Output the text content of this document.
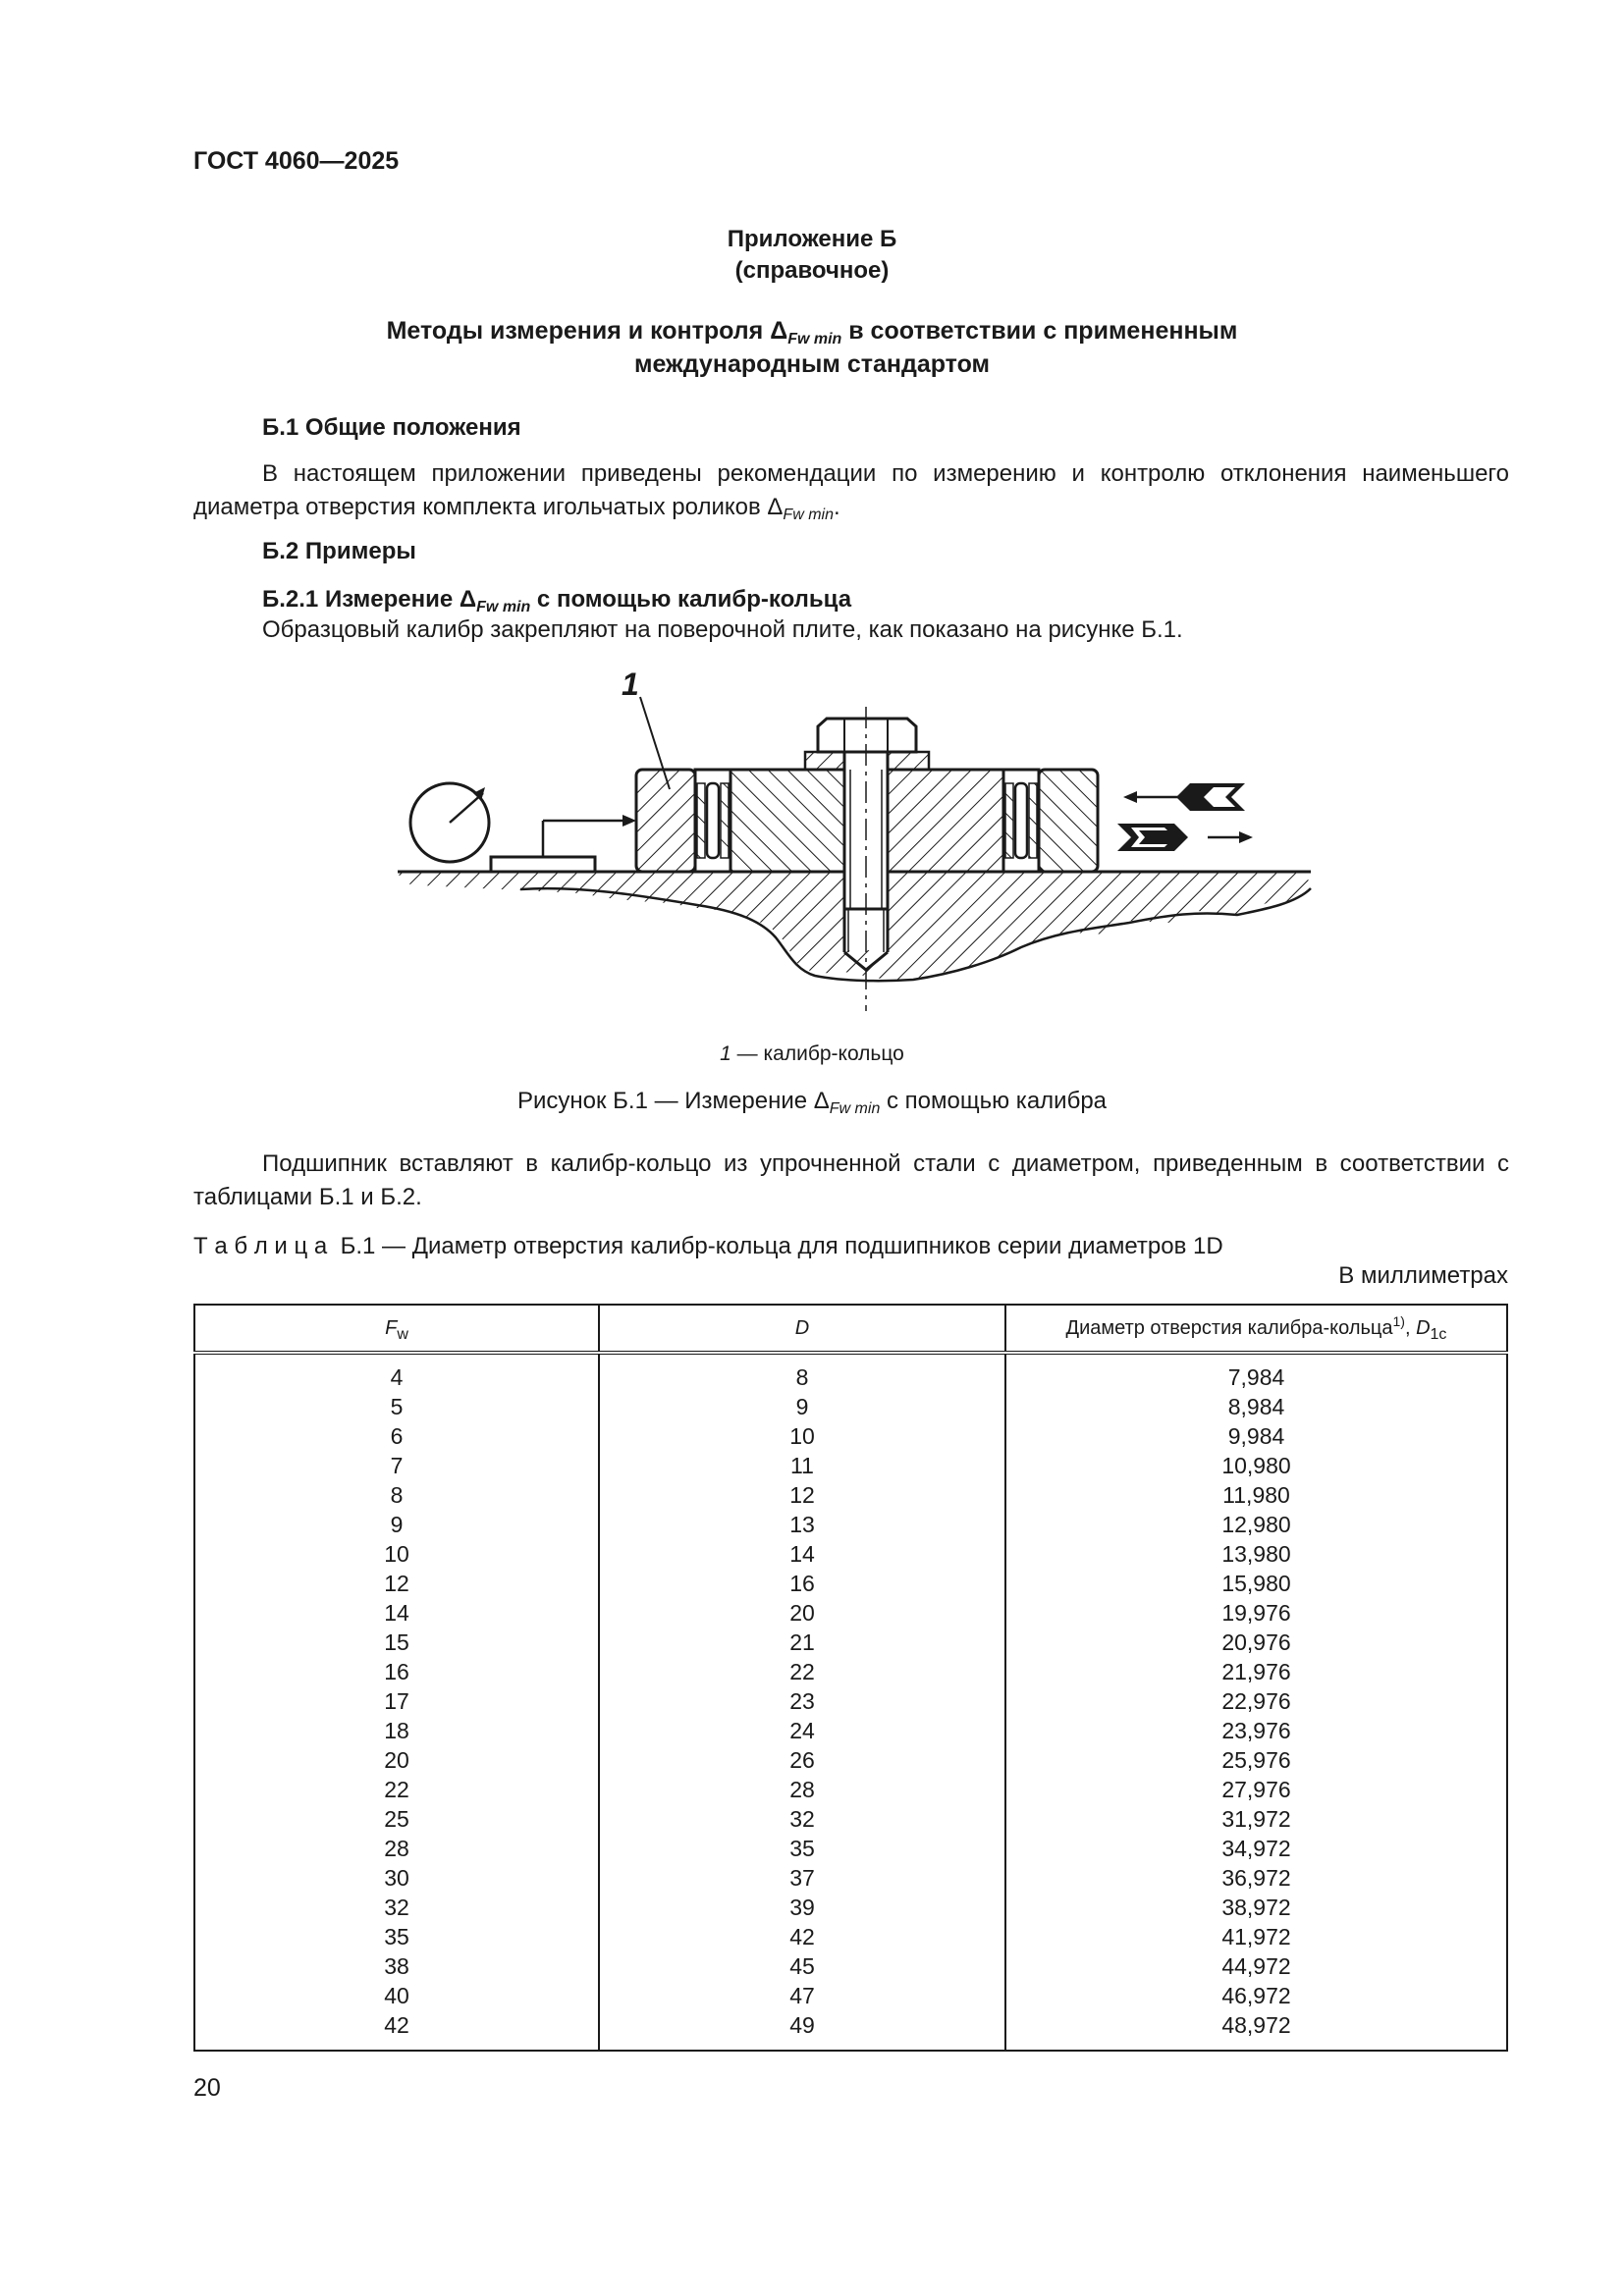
ГОСТ 4060—2025
Приложение Б
(справочное)
Методы измерения и контроля $\Delta_{Fw min}$ в соответствии с примененным
международным стандартом
Б.1 Общие положения
В настоящем приложении приведены рекомендации по измерению и контролю отклонения наименьшего диаметра отверстия комплекта игольчатых роликов $\Delta_{Fw min}$.
Б.2 Примеры
Б.2.1 Измерение $\Delta_{Fw min}$ с помощью калибр-кольца
Образцовый калибр закрепляют на поверочной плите, как показано на рисунке Б.1.
1
1 — калибр-кольцо
Рисунок Б.1 — Измерение $\Delta_{Fw min}$ с помощью калибра
Подшипник вставляют в калибр-кольцо из упрочненной стали с диаметром, приведенным в соответствии с таблицами Б.1 и Б.2.
Т а б л и ц а Б.1 — Диаметр отверстия калибр-кольца для подшипников серии диаметров 1D
В миллиметрах
$F_w$	D	Диаметр отверстия калибра-кольца$^{1)}$, $D_{1c}$
4	8	7,984
5	9	8,984
6	10	9,984
7	11	10,980
8	12	11,980
9	13	12,980
10	14	13,980
12	16	15,980
14	20	19,976
15	21	20,976
16	22	21,976
17	23	22,976
18	24	23,976
20	26	25,976
22	28	27,976
25	32	31,972
28	35	34,972
30	37	36,972
32	39	38,972
35	42	41,972
38	45	44,972
40	47	46,972
42	49	48,972
20
